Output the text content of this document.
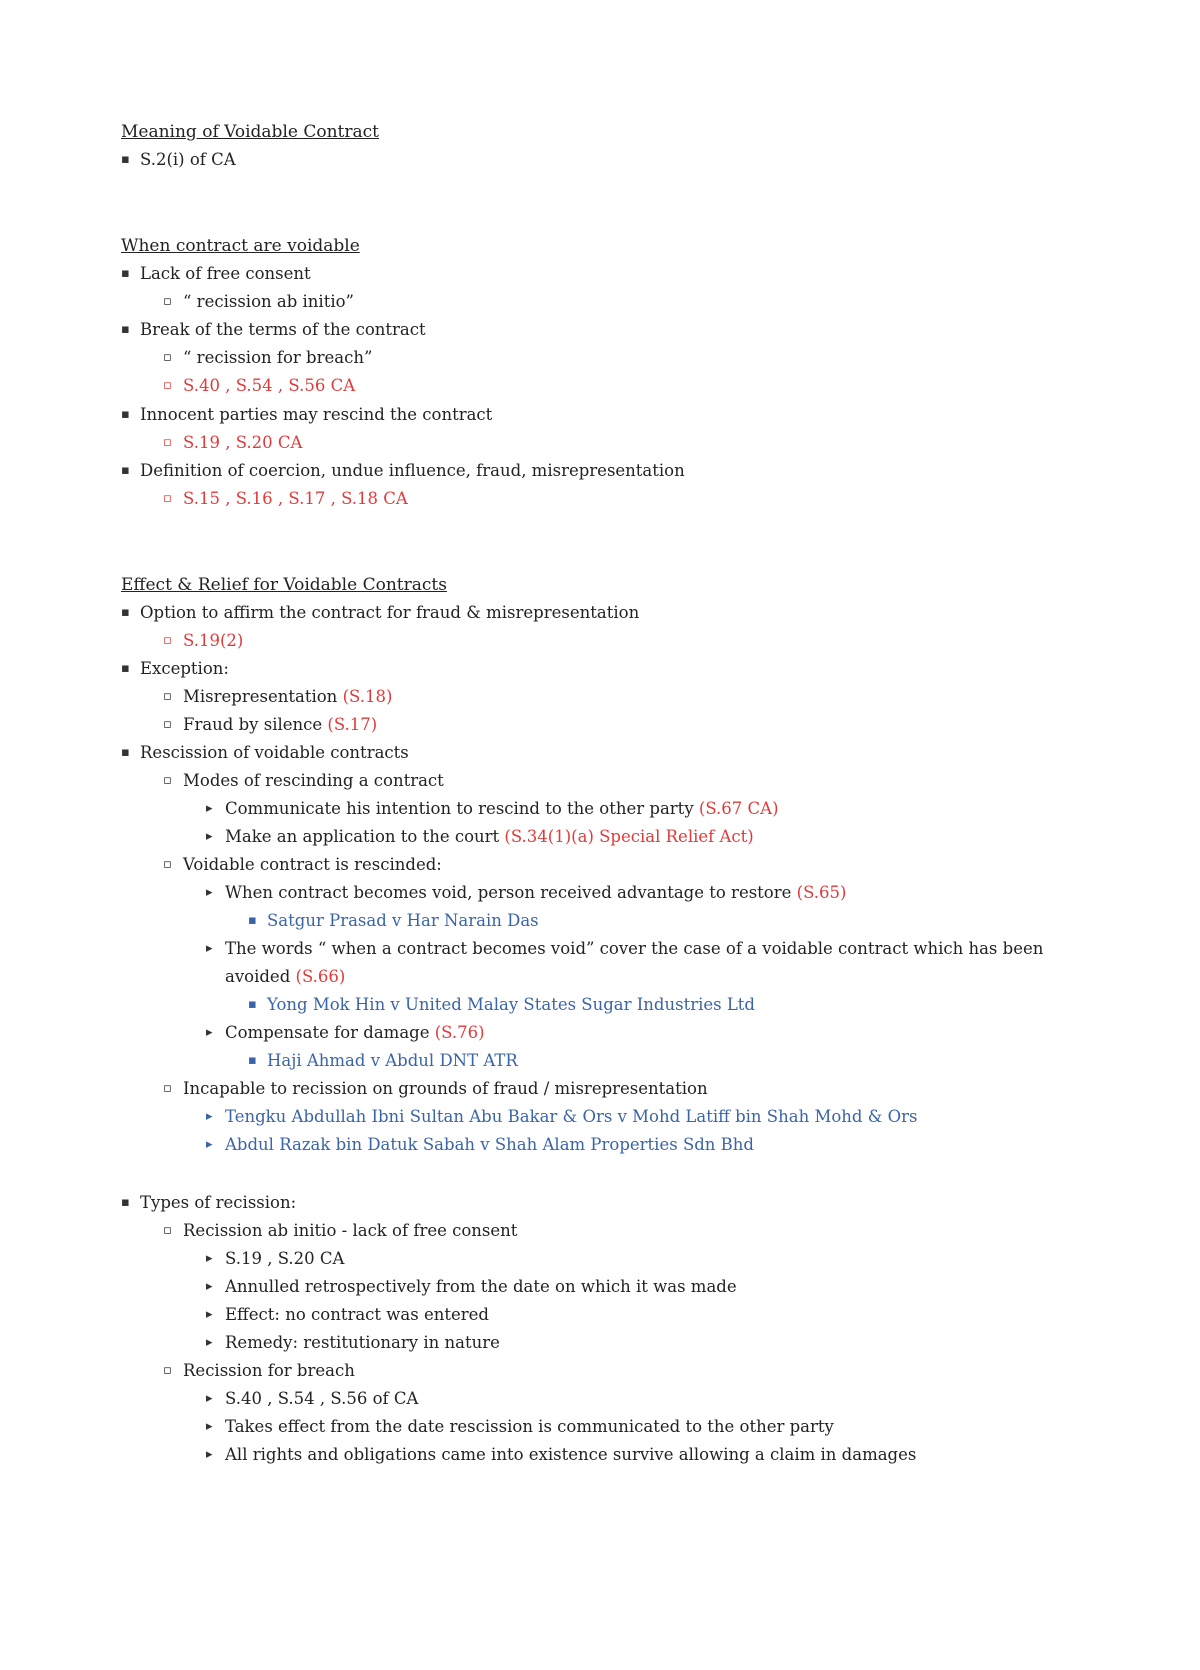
Meaning of Voidable Contract
▪ S.2(i) of CA
When contract are voidable
▪ Lack of free consent
▫ “ recission ab initio”
▪ Break of the terms of the contract
▫ “ recission for breach”
▫ S.40 , S.54 , S.56 CA
▪ Innocent parties may rescind the contract
▫ S.19 , S.20 CA
▪ Definition of coercion, undue influence, fraud, misrepresentation
▫ S.15 , S.16 , S.17 , S.18 CA
Effect & Relief for Voidable Contracts
▪ Option to affirm the contract for fraud & misrepresentation
▫ S.19(2)
▪ Exception:
▫ Misrepresentation (S.18)
▫ Fraud by silence (S.17)
▪ Rescission of voidable contracts
▫ Modes of rescinding a contract
▸ Communicate his intention to rescind to the other party (S.67 CA)
▸ Make an application to the court (S.34(1)(a) Special Relief Act)
▫ Voidable contract is rescinded:
▸ When contract becomes void, person received advantage to restore (S.65)
▪ Satgur Prasad v Har Narain Das
▸ The words “ when a contract becomes void” cover the case of a voidable contract which has been
avoided (S.66)
▪ Yong Mok Hin v United Malay States Sugar Industries Ltd
▸ Compensate for damage (S.76)
▪ Haji Ahmad v Abdul DNT ATR
▫ Incapable to recission on grounds of fraud / misrepresentation
▸ Tengku Abdullah Ibni Sultan Abu Bakar & Ors v Mohd Latiff bin Shah Mohd & Ors
▸ Abdul Razak bin Datuk Sabah v Shah Alam Properties Sdn Bhd
▪ Types of recission:
▫ Recission ab initio - lack of free consent
▸ S.19 , S.20 CA
▸ Annulled retrospectively from the date on which it was made
▸ Effect: no contract was entered
▸ Remedy: restitutionary in nature
▫ Recission for breach
▸ S.40 , S.54 , S.56 of CA
▸ Takes effect from the date rescission is communicated to the other party
▸ All rights and obligations came into existence survive allowing a claim in damages
